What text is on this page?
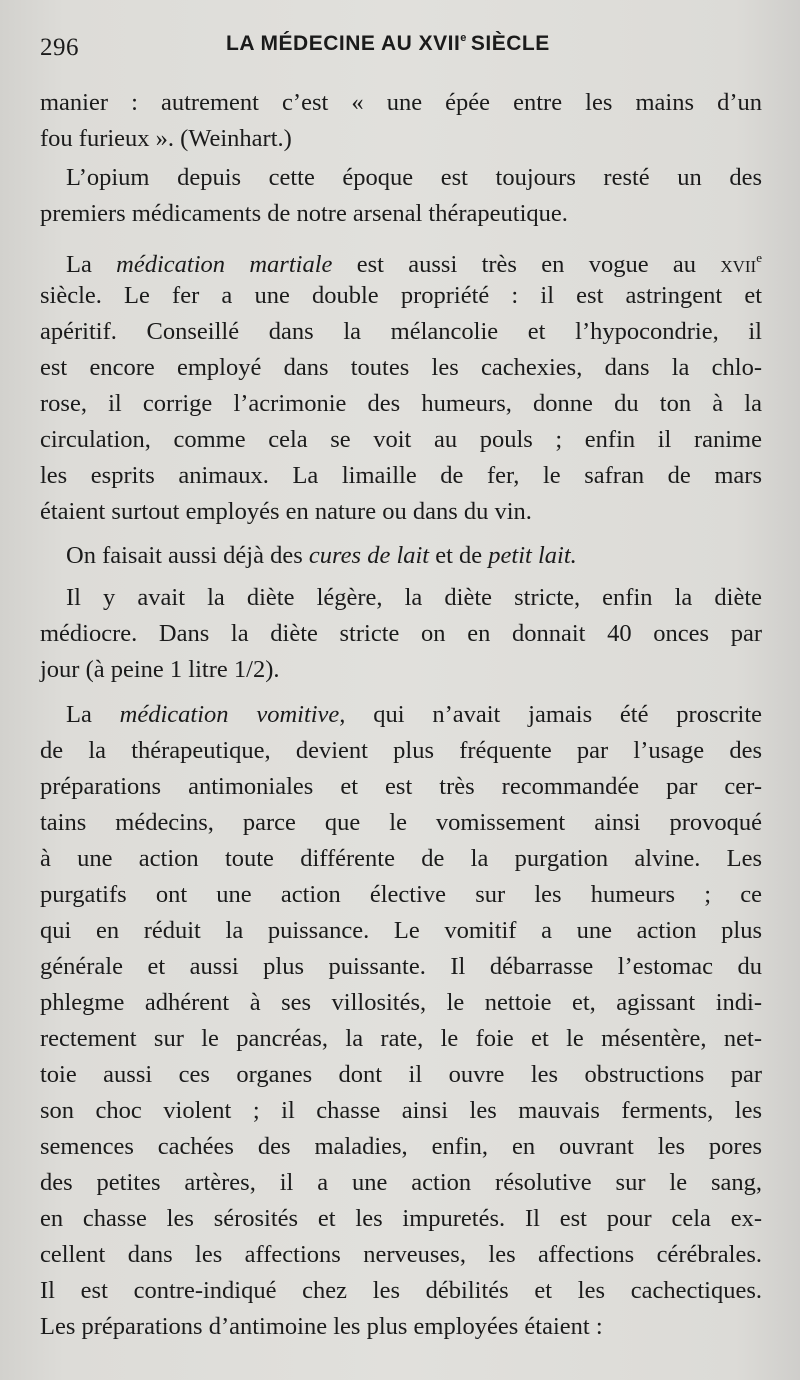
296	LA MÉDECINE AU XVIIe SIÈCLE
manier : autrement c’est « une épée entre les mains d’un
fou furieux ». (Weinhart.)
L’opium depuis cette époque est toujours resté un des
premiers médicaments de notre arsenal thérapeutique.
La médication martiale est aussi très en vogue au xvii$^e$
siècle. Le fer a une double propriété : il est astringent et
apéritif. Conseillé dans la mélancolie et l’hypocondrie, il
est encore employé dans toutes les cachexies, dans la chlo-
rose, il corrige l’acrimonie des humeurs, donne du ton à la
circulation, comme cela se voit au pouls ; enfin il ranime
les esprits animaux. La limaille de fer, le safran de mars
étaient surtout employés en nature ou dans du vin.
On faisait aussi déjà des cures de lait et de petit lait.
Il y avait la diète légère, la diète stricte, enfin la diète
médiocre. Dans la diète stricte on en donnait 40 onces par
jour (à peine 1 litre 1/2).
La médication vomitive, qui n’avait jamais été proscrite
de la thérapeutique, devient plus fréquente par l’usage des
préparations antimoniales et est très recommandée par cer-
tains médecins, parce que le vomissement ainsi provoqué
à une action toute différente de la purgation alvine. Les
purgatifs ont une action élective sur les humeurs ; ce
qui en réduit la puissance. Le vomitif a une action plus
générale et aussi plus puissante. Il débarrasse l’estomac du
phlegme adhérent à ses villosités, le nettoie et, agissant indi-
rectement sur le pancréas, la rate, le foie et le mésentère, net-
toie aussi ces organes dont il ouvre les obstructions par
son choc violent ; il chasse ainsi les mauvais ferments, les
semences cachées des maladies, enfin, en ouvrant les pores
des petites artères, il a une action résolutive sur le sang,
en chasse les sérosités et les impuretés. Il est pour cela ex-
cellent dans les affections nerveuses, les affections cérébrales.
Il est contre-indiqué chez les débilités et les cachectiques.
Les préparations d’antimoine les plus employées étaient :
